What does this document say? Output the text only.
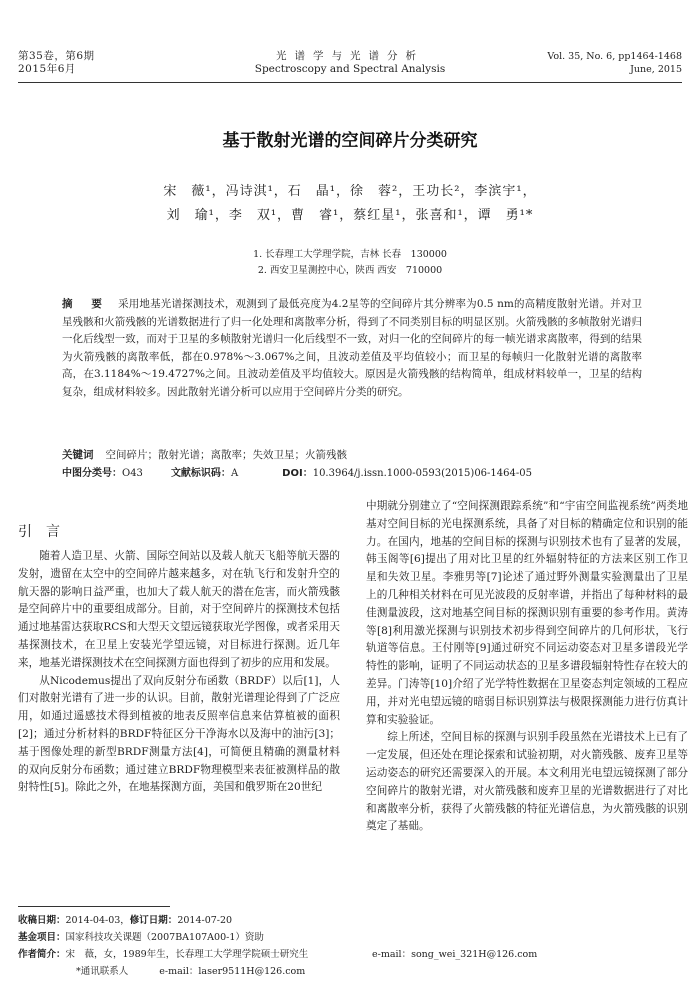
第35卷，第6期
2015年6月
光谱学与光谱分析
Spectroscopy and Spectral Analysis
Vol. 35, No. 6, pp1464-1468
June, 2015
基于散射光谱的空间碎片分类研究
宋　薇¹，冯诗淇¹，石　晶¹，徐　蓉²，王功长²，李滨宇¹，
刘　瑜¹，李　双¹，曹　睿¹，蔡红星¹，张喜和¹，谭　勇¹*
1. 长春理工大学理学院，吉林 长春　130000
2. 西安卫星测控中心，陕西 西安　710000
摘　要 采用地基光谱探测技术，观测到了最低亮度为4.2星等的空间碎片其分辨率为0.5 nm的高精度散射光谱。并对卫星残骸和火箭残骸的光谱数据进行了归一化处理和离散率分析，得到了不同类别目标的明显区别。火箭残骸的多帧散射光谱归一化后线型一致，而对于卫星的多帧散射光谱归一化后线型不一致，对归一化的空间碎片的每一帧光谱求离散率，得到的结果为火箭残骸的离散率低，都在0.978%～3.067%之间，且波动差值及平均值较小；而卫星的每帧归一化散射光谱的离散率高，在3.1184%～19.4727%之间。且波动差值及平均值较大。原因是火箭残骸的结构简单，组成材料较单一，卫星的结构复杂，组成材料较多。因此散射光谱分析可以应用于空间碎片分类的研究。
关键词 空间碎片；散射光谱；离散率；失效卫星；火箭残骸
中图分类号：O43	文献标识码：A	DOI：10.3964/j.issn.1000-0593(2015)06-1464-05
引言

随着人造卫星、火箭、国际空间站以及载人航天飞船等航天器的发射，遗留在太空中的空间碎片越来越多，对在轨飞行和发射升空的航天器的影响日益严重，也加大了载人航天的潜在危害，而火箭残骸是空间碎片中的重要组成部分。目前，对于空间碎片的探测技术包括通过地基雷达获取RCS和大型天文望远镜获取光学图像，或者采用天基探测技术，在卫星上安装光学望远镜，对目标进行探测。近几年来，地基光谱探测技术在空间探测方面也得到了初步的应用和发展。

从Nicodemus提出了双向反射分布函数（BRDF）以后[1]，人们对散射光谱有了进一步的认识。目前，散射光谱理论得到了广泛应用，如通过遥感技术得到植被的地表反照率信息来估算植被的面积[2]；通过分析材料的BRDF特征区分干净海水以及海中的油污[3]；基于图像处理的新型BRDF测量方法[4]，可简便且精确的测量材料的双向反射分布函数；通过建立BRDF物理模型来表征被测样品的散射特性[5]。除此之外，在地基探测方面，美国和俄罗斯在20世纪

中期就分别建立了“空间探测跟踪系统”和“宇宙空间监视系统”两类地基对空间目标的光电探测系统，具备了对目标的精确定位和识别的能力。在国内，地基的空间目标的探测与识别技术也有了显著的发展，韩玉阁等[6]提出了用对比卫星的红外辐射特征的方法来区别工作卫星和失效卫星。李雅男等[7]论述了通过野外测量实验测量出了卫星上的几种相关材料在可见光波段的反射率谱，并指出了每种材料的最佳测量波段，这对地基空间目标的探测识别有重要的参考作用。黄涛等[8]利用激光探测与识别技术初步得到空间碎片的几何形状，飞行轨道等信息。王付刚等[9]通过研究不同运动姿态对卫星多谱段光学特性的影响，证明了不同运动状态的卫星多谱段辐射特性存在较大的差异。门涛等[10]介绍了光学特性数据在卫星姿态判定领域的工程应用，并对光电望远镜的暗弱目标识别算法与极限探测能力进行仿真计算和实验验证。

综上所述，空间目标的探测与识别手段虽然在光谱技术上已有了一定发展，但还处在理论探索和试验初期，对火箭残骸、废弃卫星等运动姿态的研究还需要深入的开展。本文利用光电望远镜探测了部分空间碎片的散射光谱，对火箭残骸和废弃卫星的光谱数据进行了对比和离散率分析，获得了火箭残骸的特征光谱信息，为火箭残骸的识别奠定了基础。

收稿日期：2014-04-03，修订日期：2014-07-20
基金项目：国家科技攻关课题（2007BA107A00-1）资助
作者简介：宋　薇，女，1989年生，长春理工大学理学院硕士研究生	e-mail：song_wei_321H@126.com
*通讯联系人	e-mail：laser9511H@126.com
